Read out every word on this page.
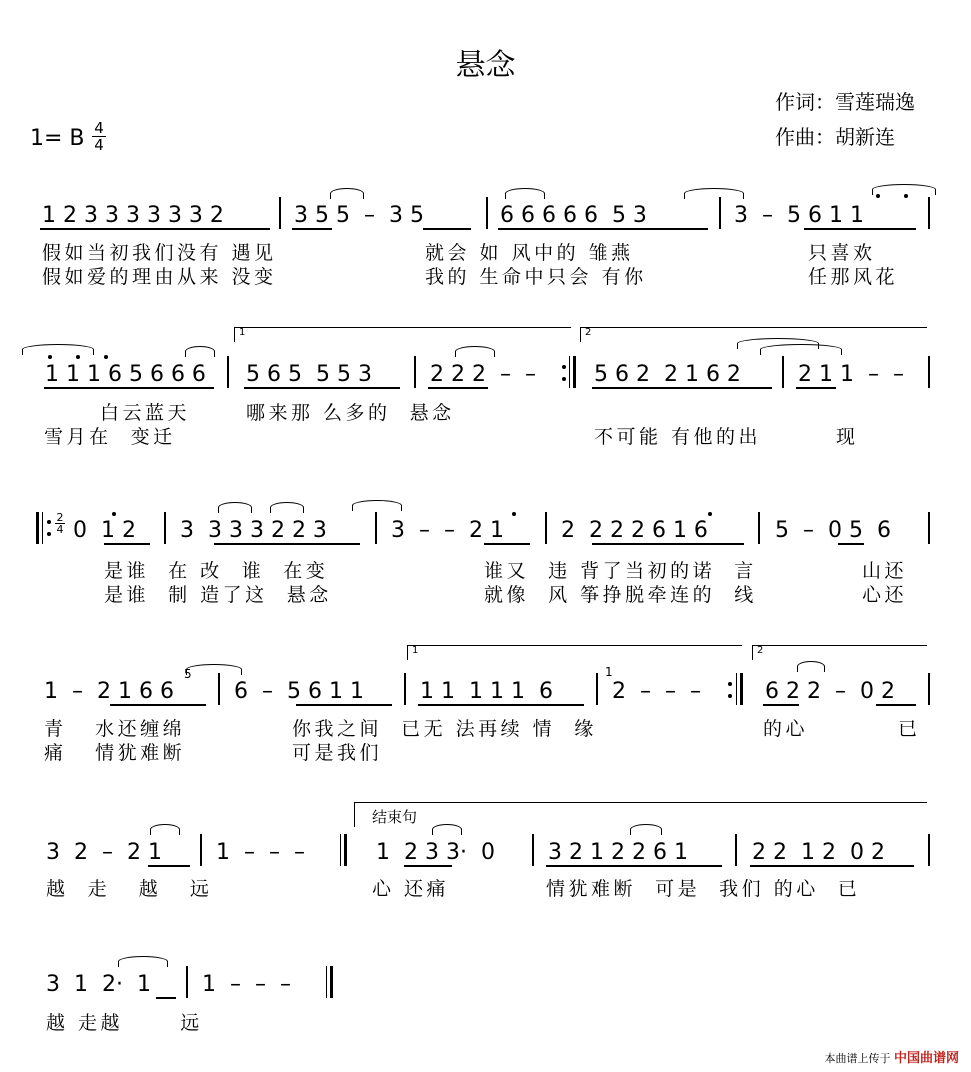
悬念
作词：雪莲瑞逸
作曲：胡新连
1= B 4
4
1 2 3 3 3 3 3 3 2	3 5 5  –  3 5	6 6 6 6 6  5 3	3  –  5 6 1 1
假如当初我们没有 遇见	就会 如 风中的 雏燕	只喜欢
假如爱的理由从来 没变	我的 生命中只会 有你	任那风花
1	2
1 1 1 6 5 6 6 6 5 6 5  5 5 3	2 2 2  –  –	5 6 2  2 1 6 2	2 1 1  –  –
白云蓝天	哪来那 么多的  悬念
雪月在  变迁	不可能 有他的出	现
2
4 0  1 2 3  3 3 3 2 2 3	3  –  –  2 1	2  2 2 2 6 1 6	5  –  0 5  6
是谁  在 改  谁  在变	谁又  违 背了当初的诺  言	山还
是谁  制 造了这  悬念	就像  风 筝挣脱牵连的  线	心还
1	2
5	1
1  –  2 1 6 6	6  –  5 6 1 1	1 1  1 1 1  6	2  –  –  –	6 2 2  –  0 2
青   水还缠绵	你我之间  已无 法再续 情  缘	的心	已
痛   情犹难断	可是我们
结束句
3  2  –  2 1 1  –  –  –	1  2 3 3·  0 3 2 1 2 2 6 1	2 2  1 2  0 2
越  走   越   远	心 还痛	情犹难断  可是  我们 的心  已
3  1  2·  1 1  –  –  –
越 走越      远
本曲谱上传于 中国曲谱网
